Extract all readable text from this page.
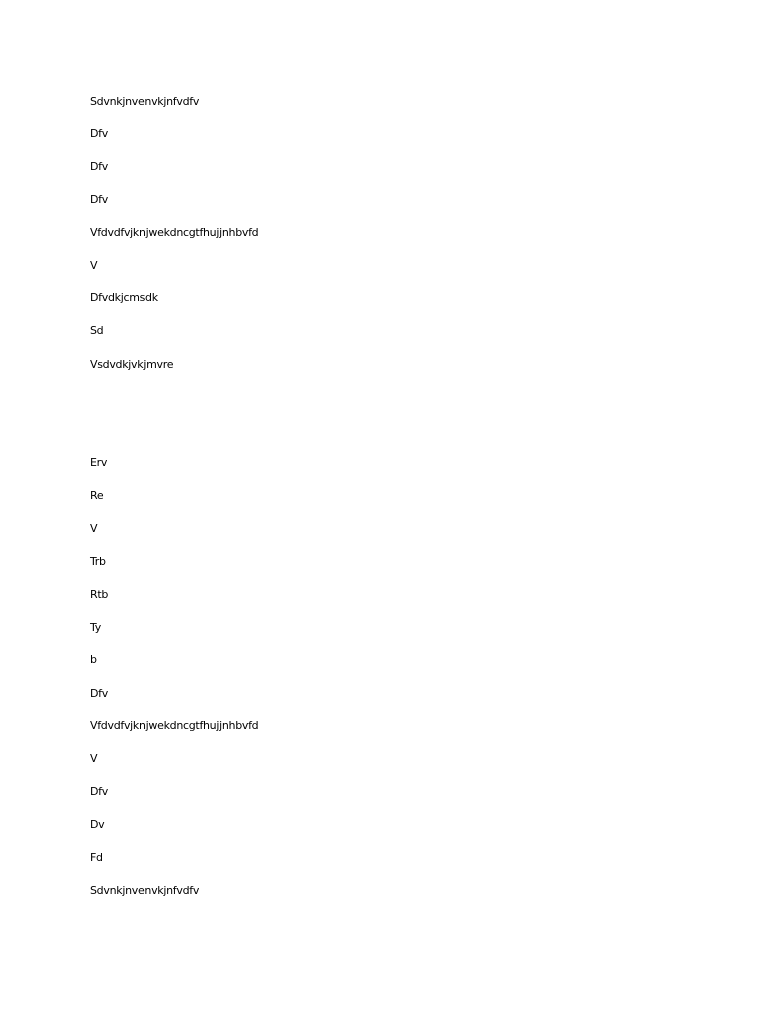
Sdvnkjnvenvkjnfvdfv

Dfv

Dfv

Dfv

Vfdvdfvjknjwekdncgtfhujjnhbvfd

V

Dfvdkjcmsdk

Sd

Vsdvdkjvkjmvre

Erv

Re

V

Trb

Rtb

Ty

b

Dfv

Vfdvdfvjknjwekdncgtfhujjnhbvfd

V

Dfv

Dv

Fd

Sdvnkjnvenvkjnfvdfv
